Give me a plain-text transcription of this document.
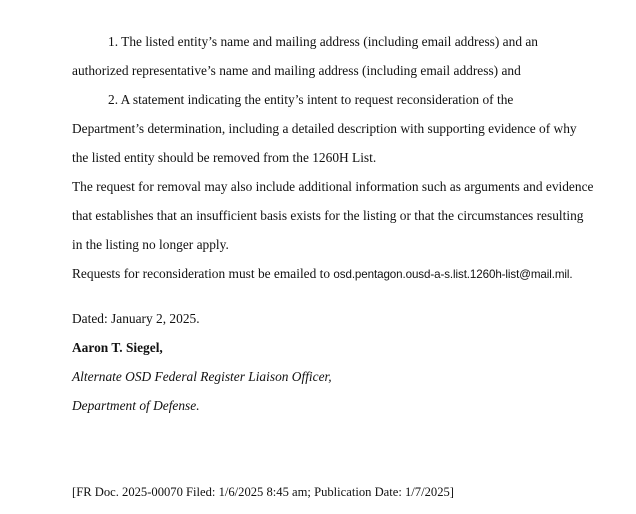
1. The listed entity’s name and mailing address (including email address) and an
authorized representative’s name and mailing address (including email address) and
2. A statement indicating the entity’s intent to request reconsideration of the
Department’s determination, including a detailed description with supporting evidence of why
the listed entity should be removed from the 1260H List.
The request for removal may also include additional information such as arguments and evidence
that establishes that an insufficient basis exists for the listing or that the circumstances resulting
in the listing no longer apply.
Requests for reconsideration must be emailed to osd.pentagon.ousd-a-s.list.1260h-list@mail.mil.
Dated: January 2, 2025.
Aaron T. Siegel,
Alternate OSD Federal Register Liaison Officer,
Department of Defense.
[FR Doc. 2025-00070 Filed: 1/6/2025 8:45 am; Publication Date: 1/7/2025]
